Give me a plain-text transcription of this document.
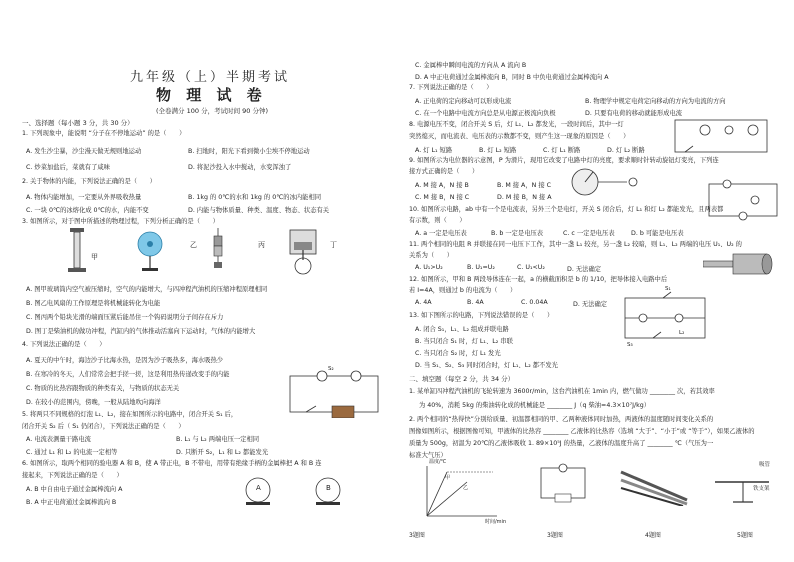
九年级（上）半期考试
物 理 试 卷
(全卷满分 100 分，考试时间 90 分钟)
一、选择题（每小题 3 分，共 30 分）
1. 下列现象中，能说明 “分子在不停地运动” 的是（　　）
A. 发生沙尘暴，沙尘漫天做无规则地运动	B. 扫地时，阳光下看到微小尘埃不停地运动
C. 炒菜加盐后，菜就有了咸味	D. 将泥沙投入水中搅动，水变浑浊了
2. 关于物体的内能，下列说法正确的是（　　）
A. 物体内能增加，一定要从外界吸收热量	B. 1kg 的 0℃的水和 1kg 的 0℃的冰内能相同
C. 一块 0℃的冰熔化成 0℃的水，内能不变	D. 内能与物体质量、种类、温度、物态、状态有关
3. 如图所示，对于图中所描述的物理过程，下列分析正确的是（　　）
甲
乙	丙	丁
A. 图甲玻璃筒内空气被压缩时，空气的内能增大，与四冲程汽油机的压缩冲程原理相同
B. 图乙电风扇的工作原理是将机械能转化为电能
C. 图丙两个铅块光滑的端面压紧后能吊住一个钩码说明分子间存在斥力
D. 图丁是柴油机的做功冲程，汽缸内的气体推动活塞向下运动时，气体的内能增大
4. 下列说法正确的是（　　）
A. 夏天的中午时，海边沙子比海水热，是因为沙子吸热多，海水吸热少
B. 在寒冷的冬天，人们常常会把手搓一搓，这是利用热传递改变手的内能
C. 物质的比热容跟物质的种类有关，与物质的状态无关
D. 在较小的范围内，傍晚，一般从陆地吹向海洋
S₂
5. 将两只不同规格的灯泡 L₁、L₂，接在如图所示的电路中，闭合开关 S₁ 后，
闭合开关 S₂ 后（ S₁ 仍闭合），下列说法正确的是（　　）
A. 电流表测量干路电流	B. L₁ 与 L₂ 两端电压一定相同
C. 通过 L₁ 和 L₂ 的电流一定相等	D. 只断开 S₂，L₁ 和 L₂ 都能发光
6. 如图所示，取两个相同的验电器 A 和 B，使 A 带正电，B 不带电，用带有绝缘手柄的金属棒把 A 和 B 连
接起来，下列说法正确的是（　　）
A. B 中自由电子通过金属棒流向 A
B. A 中正电荷通过金属棒流向 B
A	B
C. 金属棒中瞬间电流的方向从 A 流向 B
D. A 中正电荷通过金属棒流向 B，同时 B 中负电荷通过金属棒流向 A
7. 下列说法正确的是（　　）
A. 正电荷的定向移动可以形成电流	B. 物理学中规定电荷定向移动的方向为电流的方向
C. 在一个电路中电流方向总是从电源正极流向负极	D. 只要有电荷的移动就能形成电流
8. 电源电压不变，闭合开关 S 后，灯 L₁、L₂ 都发光，一段时间后，其中一灯
突然熄灭，而电流表、电压表的示数都不变，则产生这一现象的原因是（　　）
A. 灯 L₁ 短路	B. 灯 L₂ 短路	C. 灯 L₁ 断路	D. 灯 L₂ 断路
9. 如图所示为电位器的示意图，P 为滑片，现用它改变了电路中灯的亮度，要求顺时针转动旋钮灯变亮，下列连
接方式正确的是（　　）
A. M 接 A，N 接 B	B. M 接 A，N 接 C
C. M 接 B，N 接 C	D. M 接 B，N 接 A
10. 如图所示电路，ab 中有一个是电流表，另外三个是电灯，开关 S 闭合后，灯 L₁ 和灯 L₂ 都能发光，且两表都
有示数，则（　　）
A. a 一定是电压表	B. b 一定是电压表	C. c 一定是电压表	D. b 可能是电压表
11. 两个相同的电阻 R 并联接在同一电压下工作，其中一盏 L₁ 较亮，另一盏 L₂ 较暗，则 L₁、L₂ 两端的电压 U₁、U₂ 的
关系为（　　）
A. U₁>U₂	B. U₁=U₂	C. U₁<U₂	D. 无法确定
12. 如图所示，甲和 B 两段导体连在一起，a 的横截面积是 b 的 1/10，把导体接入电路中后
若 I=4A，则通过 b 的电流为（　　）
A. 4A	B. 4A	C. 0.04A	D. 无法确定
13. 如下图所示的电路，下列说法错误的是（　　）
A. 闭合 S₁，L₁、L₂ 组成并联电路
B. 当只闭合 S₁ 时，灯 L₁、L₂ 串联
C. 当只闭合 S₂ 时，灯 L₁ 发光
D. 当 S₁、S₂、S₃ 同时闭合时，灯 L₁、L₂ 都不发光
S₁
S₃
L₂
二、填空题（每空 2 分，共 34 分）
1. 某单缸四冲程汽油机的飞轮转速为 3600r/min，这台汽油机在 1min 内，燃气做功 ________ 次，若其效率
为 40%，消耗 5kg 的柴油转化成的机械能是 ________ J（q 柴油=4.3×10⁷J/kg）
2. 两个相同的“热得快”分别给质量、初温都相同的甲、乙两种液体同时加热，两液体的温度随时间变化关系的
图像如图所示，根据图像可知，甲液体的比热容 ________ 乙液体的比热容（选填 “大于”、“小于”或 “等于”），如果乙液体的
质量为 500g，初温为 20℃的乙液体吸收 1. 89×10⁵J 的热量，乙液体的温度升高了 ________ ℃（气压为一
标准大气压）
温度/℃
时间/min
甲
乙
吸管
铁支架
3题图	3题图	4题图	5题图
